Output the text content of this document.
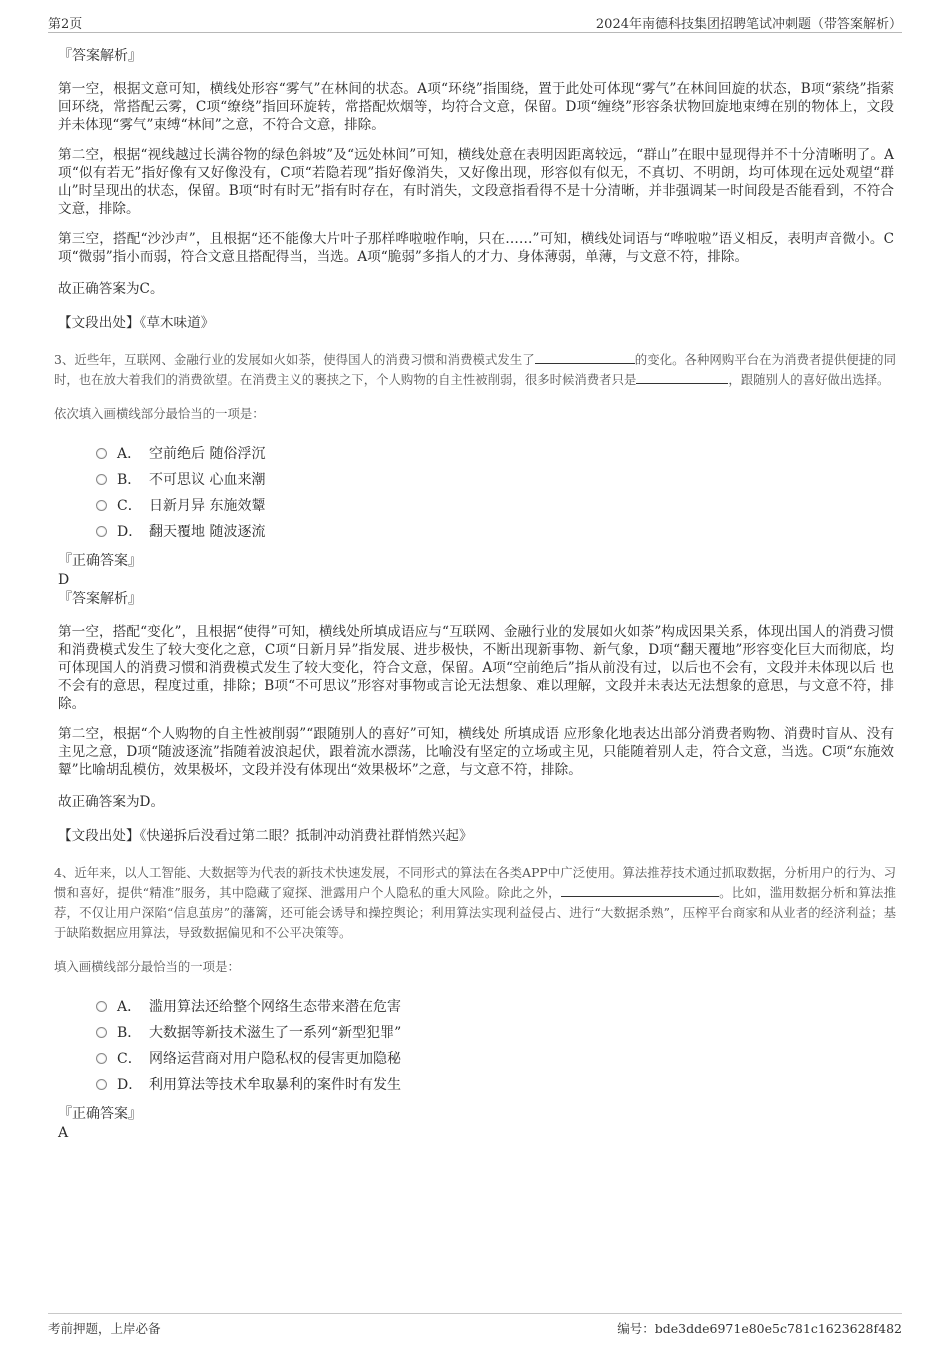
第2页	2024年南德科技集团招聘笔试冲刺题（带答案解析）
『答案解析』

第一空，根据文意可知，横线处形容“雾气”在林间的状态。A项“环绕”指围绕，置于此处可体现“雾气”在林间回旋的状态，B项“萦绕”指萦回环绕，常搭配云雾，C项“缭绕”指回环旋转，常搭配炊烟等，均符合文意，保留。D项“缠绕”形容条状物回旋地束缚在别的物体上，文段并未体现“雾气”束缚“林间”之意，不符合文意，排除。

第二空，根据“视线越过长满谷物的绿色斜坡”及“远处林间”可知，横线处意在表明因距离较远，“群山”在眼中显现得并不十分清晰明了。A项“似有若无”指好像有又好像没有，C项“若隐若现”指好像消失，又好像出现，形容似有似无，不真切、不明朗，均可体现在远处观望“群山”时呈现出的状态，保留。B项“时有时无”指有时存在，有时消失，文段意指看得不是十分清晰，并非强调某一时间段是否能看到，不符合文意，排除。

第三空，搭配“沙沙声”，且根据“还不能像大片叶子那样哗啦啦作响，只在……”可知，横线处词语与“哗啦啦”语义相反，表明声音微小。C项“微弱”指小而弱，符合文意且搭配得当，当选。A项“脆弱”多指人的才力、身体薄弱，单薄，与文意不符，排除。

故正确答案为C。

【文段出处】《草木味道》

3、近些年，互联网、金融行业的发展如火如荼，使得国人的消费习惯和消费模式发生了	的变化。各种网购平台在为消费者提供便捷的同时，也在放大着我们的消费欲望。在消费主义的裹挟之下，个人购物的自主性被削弱，很多时候消费者只是	，跟随别人的喜好做出选择。

依次填入画横线部分最恰当的一项是：

A． 空前绝后 随俗浮沉
B． 不可思议 心血来潮
C． 日新月异 东施效颦
D． 翻天覆地 随波逐流
『正确答案』
D
『答案解析』

第一空，搭配“变化”，且根据“使得”可知，横线处所填成语应与“互联网、金融行业的发展如火如荼”构成因果关系，体现出国人的消费习惯和消费模式发生了较大变化之意，C项“日新月异”指发展、进步极快，不断出现新事物、新气象，D项“翻天覆地”形容变化巨大而彻底，均可体现国人的消费习惯和消费模式发生了较大变化，符合文意，保留。A项“空前绝后”指从前没有过，以后也不会有，文段并未体现以后 也 不会有的意思，程度过重，排除；B项“不可思议”形容对事物或言论无法想象、难以理解，文段并未表达无法想象的意思，与文意不符，排除。

第二空，根据“个人购物的自主性被削弱”“跟随别人的喜好”可知，横线处 所填成语 应形象化地表达出部分消费者购物、消费时盲从、没有主见之意，D项“随波逐流”指随着波浪起伏，跟着流水漂荡，比喻没有坚定的立场或主见，只能随着别人走，符合文意，当选。C项“东施效颦”比喻胡乱模仿，效果极坏，文段并没有体现出“效果极坏”之意，与文意不符，排除。

故正确答案为D。

【文段出处】《快递拆后没看过第二眼？抵制冲动消费社群悄然兴起》

4、近年来，以人工智能、大数据等为代表的新技术快速发展，不同形式的算法在各类APP中广泛使用。算法推荐技术通过抓取数据，分析用户的行为、习惯和喜好，提供“精准”服务，其中隐藏了窥探、泄露用户个人隐私的重大风险。除此之外，	。比如，滥用数据分析和算法推荐，不仅让用户深陷“信息茧房”的藩篱，还可能会诱导和操控舆论；利用算法实现利益侵占、进行“大数据杀熟”，压榨平台商家和从业者的经济利益；基于缺陷数据应用算法，导致数据偏见和不公平决策等。

填入画横线部分最恰当的一项是：

A． 滥用算法还给整个网络生态带来潜在危害
B． 大数据等新技术滋生了一系列“新型犯罪”
C． 网络运营商对用户隐私权的侵害更加隐秘
D． 利用算法等技术牟取暴利的案件时有发生
『正确答案』
A
考前押题，上岸必备	编号：bde3dde6971e80e5c781c1623628f482
